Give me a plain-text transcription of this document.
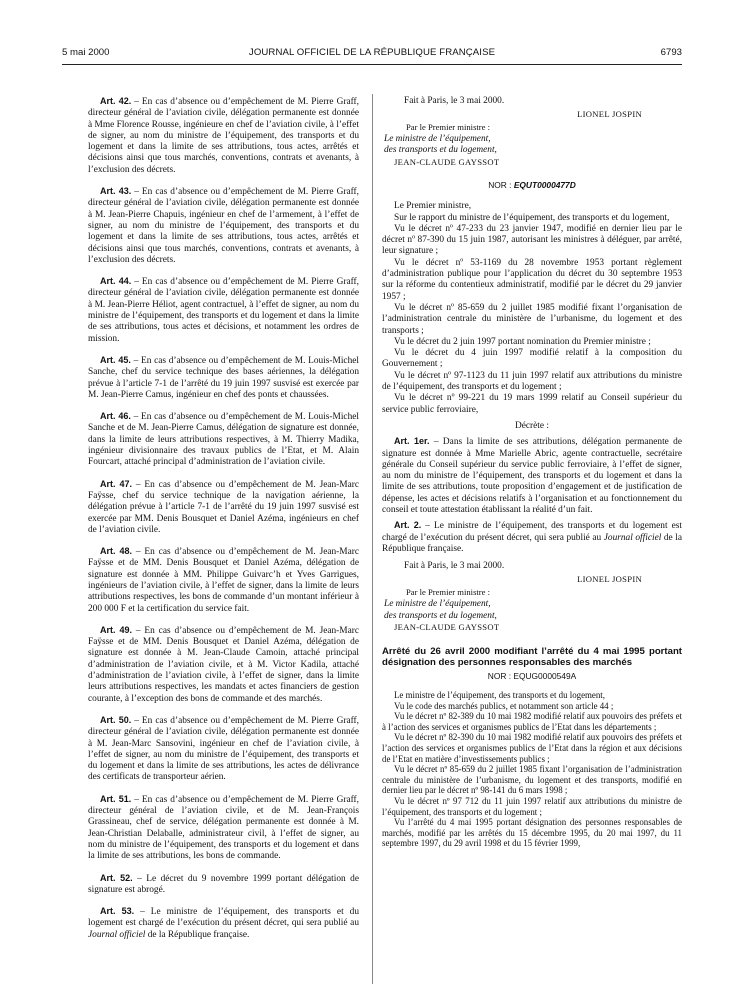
5 mai 2000	JOURNAL OFFICIEL DE LA RÉPUBLIQUE FRANÇAISE	6793

Art. 42. – En cas d’absence ou d’empêchement de M. Pierre Graff, directeur général de l’aviation civile, délégation permanente est donnée à Mme Florence Rousse, ingénieure en chef de l’aviation civile, à l’effet de signer, au nom du ministre de l’équipement, des transports et du logement et dans la limite de ses attributions, tous actes, arrêtés et décisions ainsi que tous marchés, conventions, contrats et avenants, à l’exclusion des décrets.

Art. 43. – En cas d’absence ou d’empêchement de M. Pierre Graff, directeur général de l’aviation civile, délégation permanente est donnée à M. Jean-Pierre Chapuis, ingénieur en chef de l’armement, à l’effet de signer, au nom du ministre de l’équipement, des transports et du logement et dans la limite de ses attributions, tous actes, arrêtés et décisions ainsi que tous marchés, conventions, contrats et avenants, à l’exclusion des décrets.

Art. 44. – En cas d’absence ou d’empêchement de M. Pierre Graff, directeur général de l’aviation civile, délégation permanente est donnée à M. Jean-Pierre Héliot, agent contractuel, à l’effet de signer, au nom du ministre de l’équipement, des transports et du logement et dans la limite de ses attributions, tous actes et décisions, et notamment les ordres de mission.

Art. 45. – En cas d’absence ou d’empêchement de M. Louis-Michel Sanche, chef du service technique des bases aériennes, la délégation prévue à l’article 7-1 de l’arrêté du 19 juin 1997 susvisé est exercée par M. Jean-Pierre Camus, ingénieur en chef des ponts et chaussées.

Art. 46. – En cas d’absence ou d’empêchement de M. Louis-Michel Sanche et de M. Jean-Pierre Camus, délégation de signature est donnée, dans la limite de leurs attributions respectives, à M. Thierry Madika, ingénieur divisionnaire des travaux publics de l’Etat, et M. Alain Fourcart, attaché principal d’administration de l’aviation civile.

Art. 47. – En cas d’absence ou d’empêchement de M. Jean-Marc Faÿsse, chef du service technique de la navigation aérienne, la délégation prévue à l’article 7-1 de l’arrêté du 19 juin 1997 susvisé est exercée par MM. Denis Bousquet et Daniel Azéma, ingénieurs en chef de l’aviation civile.

Art. 48. – En cas d’absence ou d’empêchement de M. Jean-Marc Faÿsse et de MM. Denis Bousquet et Daniel Azéma, délégation de signature est donnée à MM. Philippe Guivarc’h et Yves Garrigues, ingénieurs de l’aviation civile, à l’effet de signer, dans la limite de leurs attributions respectives, les bons de commande d’un montant inférieur à 200 000 F et la certification du service fait.

Art. 49. – En cas d’absence ou d’empêchement de M. Jean-Marc Faÿsse et de MM. Denis Bousquet et Daniel Azéma, délégation de signature est donnée à M. Jean-Claude Camoin, attaché principal d’administration de l’aviation civile, et à M. Victor Kadila, attaché d’administration de l’aviation civile, à l’effet de signer, dans la limite leurs attributions respectives, les mandats et actes financiers de gestion courante, à l’exception des bons de commande et des marchés.

Art. 50. – En cas d’absence ou d’empêchement de M. Pierre Graff, directeur général de l’aviation civile, délégation permanente est donnée à M. Jean-Marc Sansovini, ingénieur en chef de l’aviation civile, à l’effet de signer, au nom du ministre de l’équipement, des transports et du logement et dans la limite de ses attributions, les actes de délivrance des certificats de transporteur aérien.

Art. 51. – En cas d’absence ou d’empêchement de M. Pierre Graff, directeur général de l’aviation civile, et de M. Jean-François Grassineau, chef de service, délégation permanente est donnée à M. Jean-Christian Delaballe, administrateur civil, à l’effet de signer, au nom du ministre de l’équipement, des transports et du logement et dans la limite de ses attributions, les bons de commande.

Art. 52. – Le décret du 9 novembre 1999 portant délégation de signature est abrogé.

Art. 53. – Le ministre de l’équipement, des transports et du logement est chargé de l’exécution du présent décret, qui sera publié au Journal officiel de la République française.

Fait à Paris, le 3 mai 2000.
LIONEL JOSPIN
Par le Premier ministre :
Le ministre de l’équipement,
des transports et du logement,
JEAN-CLAUDE GAYSSOT
NOR : EQUT0000477D

Le Premier ministre,

Sur le rapport du ministre de l’équipement, des transports et du logement,

Vu le décret nº 47-233 du 23 janvier 1947, modifié en dernier lieu par le décret nº 87-390 du 15 juin 1987, autorisant les ministres à déléguer, par arrêté, leur signature ;

Vu le décret nº 53-1169 du 28 novembre 1953 portant règlement d’administration publique pour l’application du décret du 30 septembre 1953 sur la réforme du contentieux administratif, modifié par le décret du 29 janvier 1957 ;

Vu le décret nº 85-659 du 2 juillet 1985 modifié fixant l’organisation de l’administration centrale du ministère de l’urbanisme, du logement et des transports ;

Vu le décret du 2 juin 1997 portant nomination du Premier ministre ;

Vu le décret du 4 juin 1997 modifié relatif à la composition du Gouvernement ;

Vu le décret nº 97-1123 du 11 juin 1997 relatif aux attributions du ministre de l’équipement, des transports et du logement ;

Vu le décret nº 99-221 du 19 mars 1999 relatif au Conseil supérieur du service public ferroviaire,

Décrète :

Art. 1er. – Dans la limite de ses attributions, délégation permanente de signature est donnée à Mme Marielle Abric, agente contractuelle, secrétaire générale du Conseil supérieur du service public ferroviaire, à l’effet de signer, au nom du ministre de l’équipement, des transports et du logement et dans la limite de ses attributions, toute proposition d’engagement et de justification de dépense, les actes et décisions relatifs à l’organisation et au fonctionnement du conseil et toute attestation établissant la réalité d’un fait.

Art. 2. – Le ministre de l’équipement, des transports et du logement est chargé de l’exécution du présent décret, qui sera publié au Journal officiel de la République française.

Fait à Paris, le 3 mai 2000.
LIONEL JOSPIN
Par le Premier ministre :
Le ministre de l’équipement,
des transports et du logement,
JEAN-CLAUDE GAYSSOT

Arrêté du 26 avril 2000 modifiant l’arrêté du 4 mai 1995 portant désignation des personnes responsables des marchés

NOR : EQUG0000549A

Le ministre de l’équipement, des transports et du logement,

Vu le code des marchés publics, et notamment son article 44 ;

Vu le décret nº 82-389 du 10 mai 1982 modifié relatif aux pouvoirs des préfets et à l’action des services et organismes publics de l’Etat dans les départements ;

Vu le décret nº 82-390 du 10 mai 1982 modifié relatif aux pouvoirs des préfets et l’action des services et organismes publics de l’Etat dans la région et aux décisions de l’Etat en matière d’investissements publics ;

Vu le décret nº 85-659 du 2 juillet 1985 fixant l’organisation de l’administration centrale du ministère de l’urbanisme, du logement et des transports, modifié en dernier lieu par le décret nº 98-141 du 6 mars 1998 ;

Vu le décret nº 97 712 du 11 juin 1997 relatif aux attributions du ministre de l’équipement, des transports et du logement ;

Vu l’arrêté du 4 mai 1995 portant désignation des personnes responsables de marchés, modifié par les arrêtés du 15 décembre 1995, du 20 mai 1997, du 11 septembre 1997, du 29 avril 1998 et du 15 février 1999,
